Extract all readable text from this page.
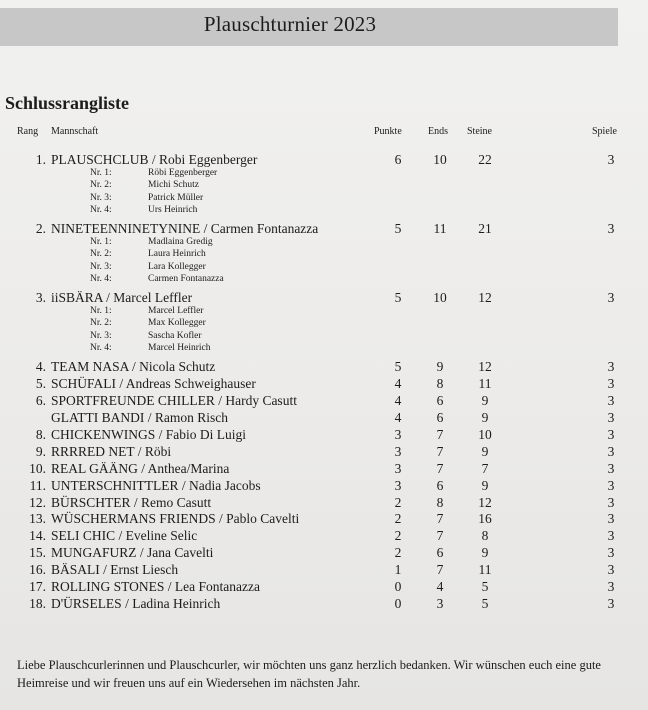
Plauschturnier 2023
Schlussrangliste
Rang Mannschaft	Punkte	Ends Steine	Spiele
1. PLAUSCHCLUB / Robi Eggenberger	6	10 22	3
Nr. 1:	Röbi Eggenberger
Nr. 2:	Michi Schutz
Nr. 3:	Patrick Müller
Nr. 4:	Urs Heinrich
2. NINETEENNINETYNINE / Carmen Fontanazza	5	11 21	3
Nr. 1:	Madlaina Gredig
Nr. 2:	Laura Heinrich
Nr. 3:	Lara Kollegger
Nr. 4:	Carmen Fontanazza
3. iiSBÄRA / Marcel Leffler	5	10 12	3
Nr. 1:	Marcel Leffler
Nr. 2:	Max Kollegger
Nr. 3:	Sascha Kofler
Nr. 4:	Marcel Heinrich
4. TEAM NASA / Nicola Schutz	5	9	12	3
5. SCHÜFALI / Andreas Schweighauser	4	8	11	3
6. SPORTFREUNDE CHILLER / Hardy Casutt	4	6	9	3
GLATTI BANDI / Ramon Risch	4	6	9	3
8. CHICKENWINGS / Fabio Di Luigi	3	7	10	3
9. RRRRED NET / Röbi	3	7	9	3
10. REAL GÄÄNG / Anthea/Marina	3	7	7	3
11. UNTERSCHNITTLER / Nadia Jacobs	3	6	9	3
12. BÜRSCHTER / Remo Casutt	2	8	12	3
13. WÜSCHERMANS FRIENDS / Pablo Cavelti	2	7	16	3
14. SELI CHIC / Eveline Selic	2	7	8	3
15. MUNGAFURZ / Jana Cavelti	2	6	9	3
16. BÄSALI / Ernst Liesch	1	7	11	3
17. ROLLING STONES / Lea Fontanazza	0	4	5	3
18. D'ÜRSELES / Ladina Heinrich	0	3	5	3
Liebe Plauschcurlerinnen und Plauschcurler, wir möchten uns ganz herzlich bedanken. Wir wünschen euch eine gute Heimreise und wir freuen uns auf ein Wiedersehen im nächsten Jahr.
